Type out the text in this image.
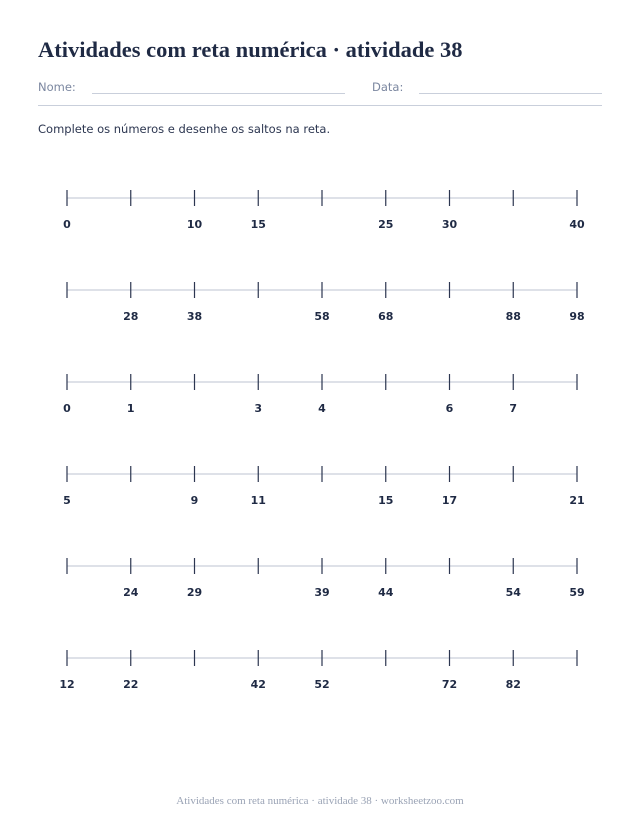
Atividades com reta numérica · atividade 38
Nome:	Data:

Complete os números e desenhe os saltos na reta.

0	10	15	25	30	40
28	38	58	68	88	98
0	1	3	4	6	7
5	9	11	15	17	21
24	29	39	44	54	59
12	22	42	52	72	82
Atividades com reta numérica · atividade 38 · worksheetzoo.com
